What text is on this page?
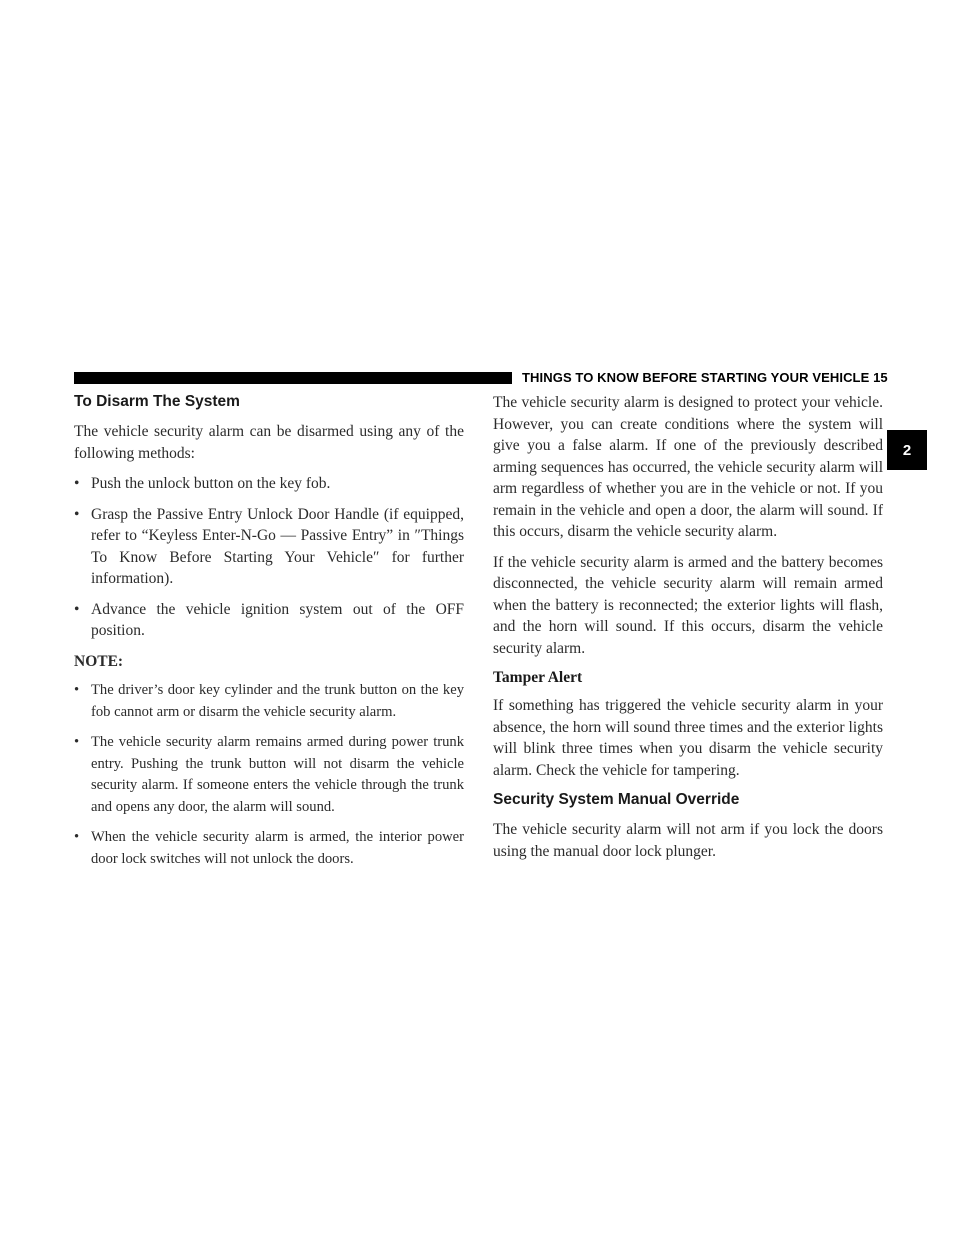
THINGS TO KNOW BEFORE STARTING YOUR VEHICLE 15
2
To Disarm The System

The vehicle security alarm can be disarmed using any of the following methods:

• Push the unlock button on the key fob.
• Grasp the Passive Entry Unlock Door Handle (if equipped, refer to “Keyless Enter-N-Go — Passive Entry” in ″Things To Know Before Starting Your Vehicle″ for further information).
• Advance the vehicle ignition system out of the OFF position.

NOTE:

• The driver’s door key cylinder and the trunk button on the key fob cannot arm or disarm the vehicle security alarm.
• The vehicle security alarm remains armed during power trunk entry. Pushing the trunk button will not disarm the vehicle security alarm. If someone enters the vehicle through the trunk and opens any door, the alarm will sound.
• When the vehicle security alarm is armed, the interior power door lock switches will not unlock the doors.

The vehicle security alarm is designed to protect your vehicle. However, you can create conditions where the system will give you a false alarm. If one of the previously described arming sequences has occurred, the vehicle security alarm will arm regardless of whether you are in the vehicle or not. If you remain in the vehicle and open a door, the alarm will sound. If this occurs, disarm the vehicle security alarm.

If the vehicle security alarm is armed and the battery becomes disconnected, the vehicle security alarm will remain armed when the battery is reconnected; the exterior lights will flash, and the horn will sound. If this occurs, disarm the vehicle security alarm.

Tamper Alert

If something has triggered the vehicle security alarm in your absence, the horn will sound three times and the exterior lights will blink three times when you disarm the vehicle security alarm. Check the vehicle for tampering.

Security System Manual Override

The vehicle security alarm will not arm if you lock the doors using the manual door lock plunger.
